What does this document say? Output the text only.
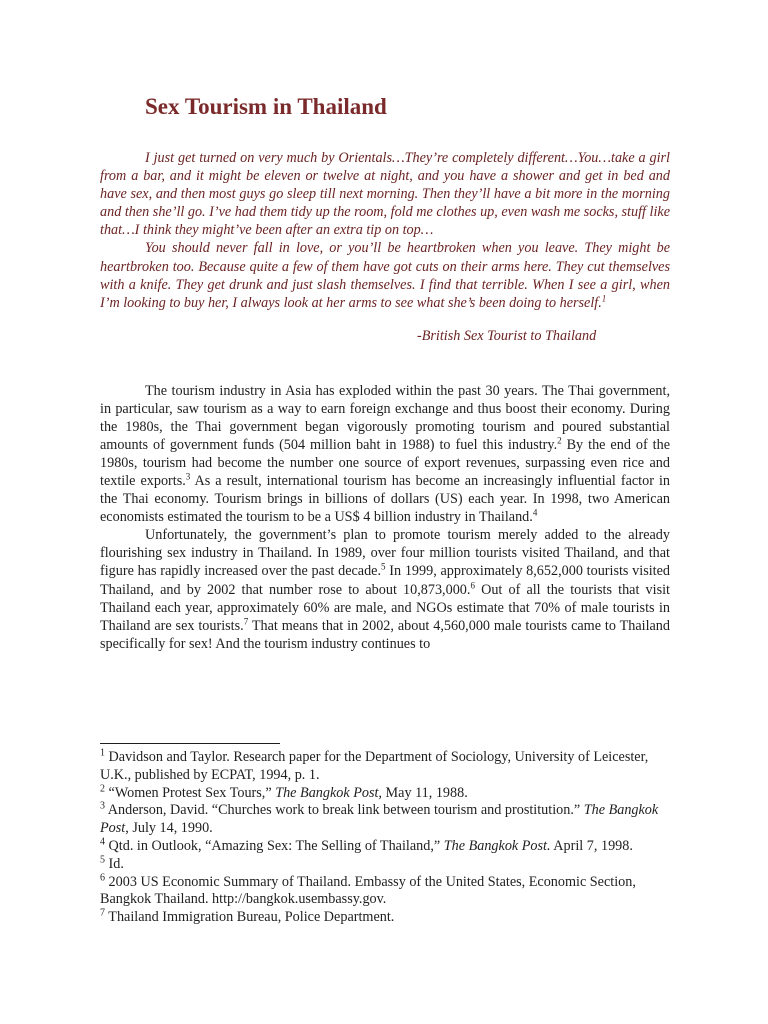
Sex Tourism in Thailand

I just get turned on very much by Orientals…They’re completely different…You…take a girl from a bar, and it might be eleven or twelve at night, and you have a shower and get in bed and have sex, and then most guys go sleep till next morning. Then they’ll have a bit more in the morning and then she’ll go. I’ve had them tidy up the room, fold me clothes up, even wash me socks, stuff like that…I think they might’ve been after an extra tip on top…

You should never fall in love, or you’ll be heartbroken when you leave. They might be heartbroken too. Because quite a few of them have got cuts on their arms here. They cut themselves with a knife. They get drunk and just slash themselves. I find that terrible. When I see a girl, when I’m looking to buy her, I always look at her arms to see what she’s been doing to herself.$^1$

-British Sex Tourist to Thailand

The tourism industry in Asia has exploded within the past 30 years. The Thai government, in particular, saw tourism as a way to earn foreign exchange and thus boost their economy. During the 1980s, the Thai government began vigorously promoting tourism and poured substantial amounts of government funds (504 million baht in 1988) to fuel this industry.$^2$ By the end of the 1980s, tourism had become the number one source of export revenues, surpassing even rice and textile exports.$^3$ As a result, international tourism has become an increasingly influential factor in the Thai economy. Tourism brings in billions of dollars (US) each year. In 1998, two American economists estimated the tourism to be a US$ 4 billion industry in Thailand.$^4$

Unfortunately, the government’s plan to promote tourism merely added to the already flourishing sex industry in Thailand. In 1989, over four million tourists visited Thailand, and that figure has rapidly increased over the past decade.$^5$ In 1999, approximately 8,652,000 tourists visited Thailand, and by 2002 that number rose to about 10,873,000.$^6$ Out of all the tourists that visit Thailand each year, approximately 60% are male, and NGOs estimate that 70% of male tourists in Thailand are sex tourists.$^7$ That means that in 2002, about 4,560,000 male tourists came to Thailand specifically for sex! And the tourism industry continues to

$^1$ Davidson and Taylor. Research paper for the Department of Sociology, University of Leicester, U.K., published by ECPAT, 1994, p. 1.

$^2$ “Women Protest Sex Tours,” The Bangkok Post, May 11, 1988.

$^3$ Anderson, David. “Churches work to break link between tourism and prostitution.” The Bangkok Post, July 14, 1990.

$^4$ Qtd. in Outlook, “Amazing Sex: The Selling of Thailand,” The Bangkok Post. April 7, 1998.

$^5$ Id.

$^6$ 2003 US Economic Summary of Thailand. Embassy of the United States, Economic Section, Bangkok Thailand. http://bangkok.usembassy.gov.

$^7$ Thailand Immigration Bureau, Police Department.
